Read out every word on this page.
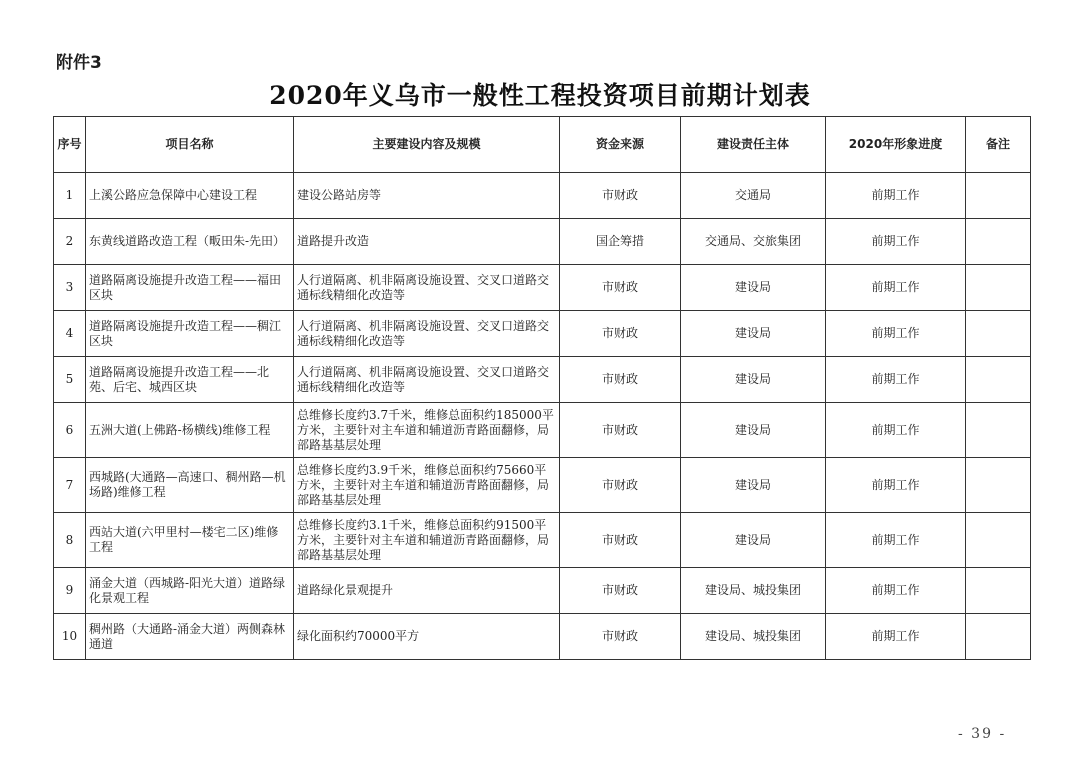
附件3
2020年义乌市一般性工程投资项目前期计划表
序号	项目名称	主要建设内容及规模	资金来源	建设责任主体	2020年形象进度	备注
1	上溪公路应急保障中心建设工程	建设公路站房等	市财政	交通局	前期工作	
2	东黄线道路改造工程（畈田朱-先田）	道路提升改造	国企筹措	交通局、交旅集团	前期工作	
3	道路隔离设施提升改造工程——福田区块	人行道隔离、机非隔离设施设置、交叉口道路交通标线精细化改造等	市财政	建设局	前期工作	
4	道路隔离设施提升改造工程——稠江区块	人行道隔离、机非隔离设施设置、交叉口道路交通标线精细化改造等	市财政	建设局	前期工作	
5	道路隔离设施提升改造工程——北苑、后宅、城西区块	人行道隔离、机非隔离设施设置、交叉口道路交通标线精细化改造等	市财政	建设局	前期工作	
6	五洲大道(上佛路-杨横线)维修工程	总维修长度约3.7千米，维修总面积约185000平方米，主要针对主车道和辅道沥青路面翻修，局部路基基层处理	市财政	建设局	前期工作	
7	西城路(大通路—高速口、稠州路—机场路)维修工程	总维修长度约3.9千米，维修总面积约75660平方米，主要针对主车道和辅道沥青路面翻修，局部路基基层处理	市财政	建设局	前期工作	
8	西站大道(六甲里村—楼宅二区)维修工程	总维修长度约3.1千米，维修总面积约91500平方米，主要针对主车道和辅道沥青路面翻修，局部路基基层处理	市财政	建设局	前期工作	
9	涌金大道（西城路-阳光大道）道路绿化景观工程	道路绿化景观提升	市财政	建设局、城投集团	前期工作	
10	稠州路（大通路-涌金大道）两侧森林通道	绿化面积约70000平方	市财政	建设局、城投集团	前期工作	
- 39 -
